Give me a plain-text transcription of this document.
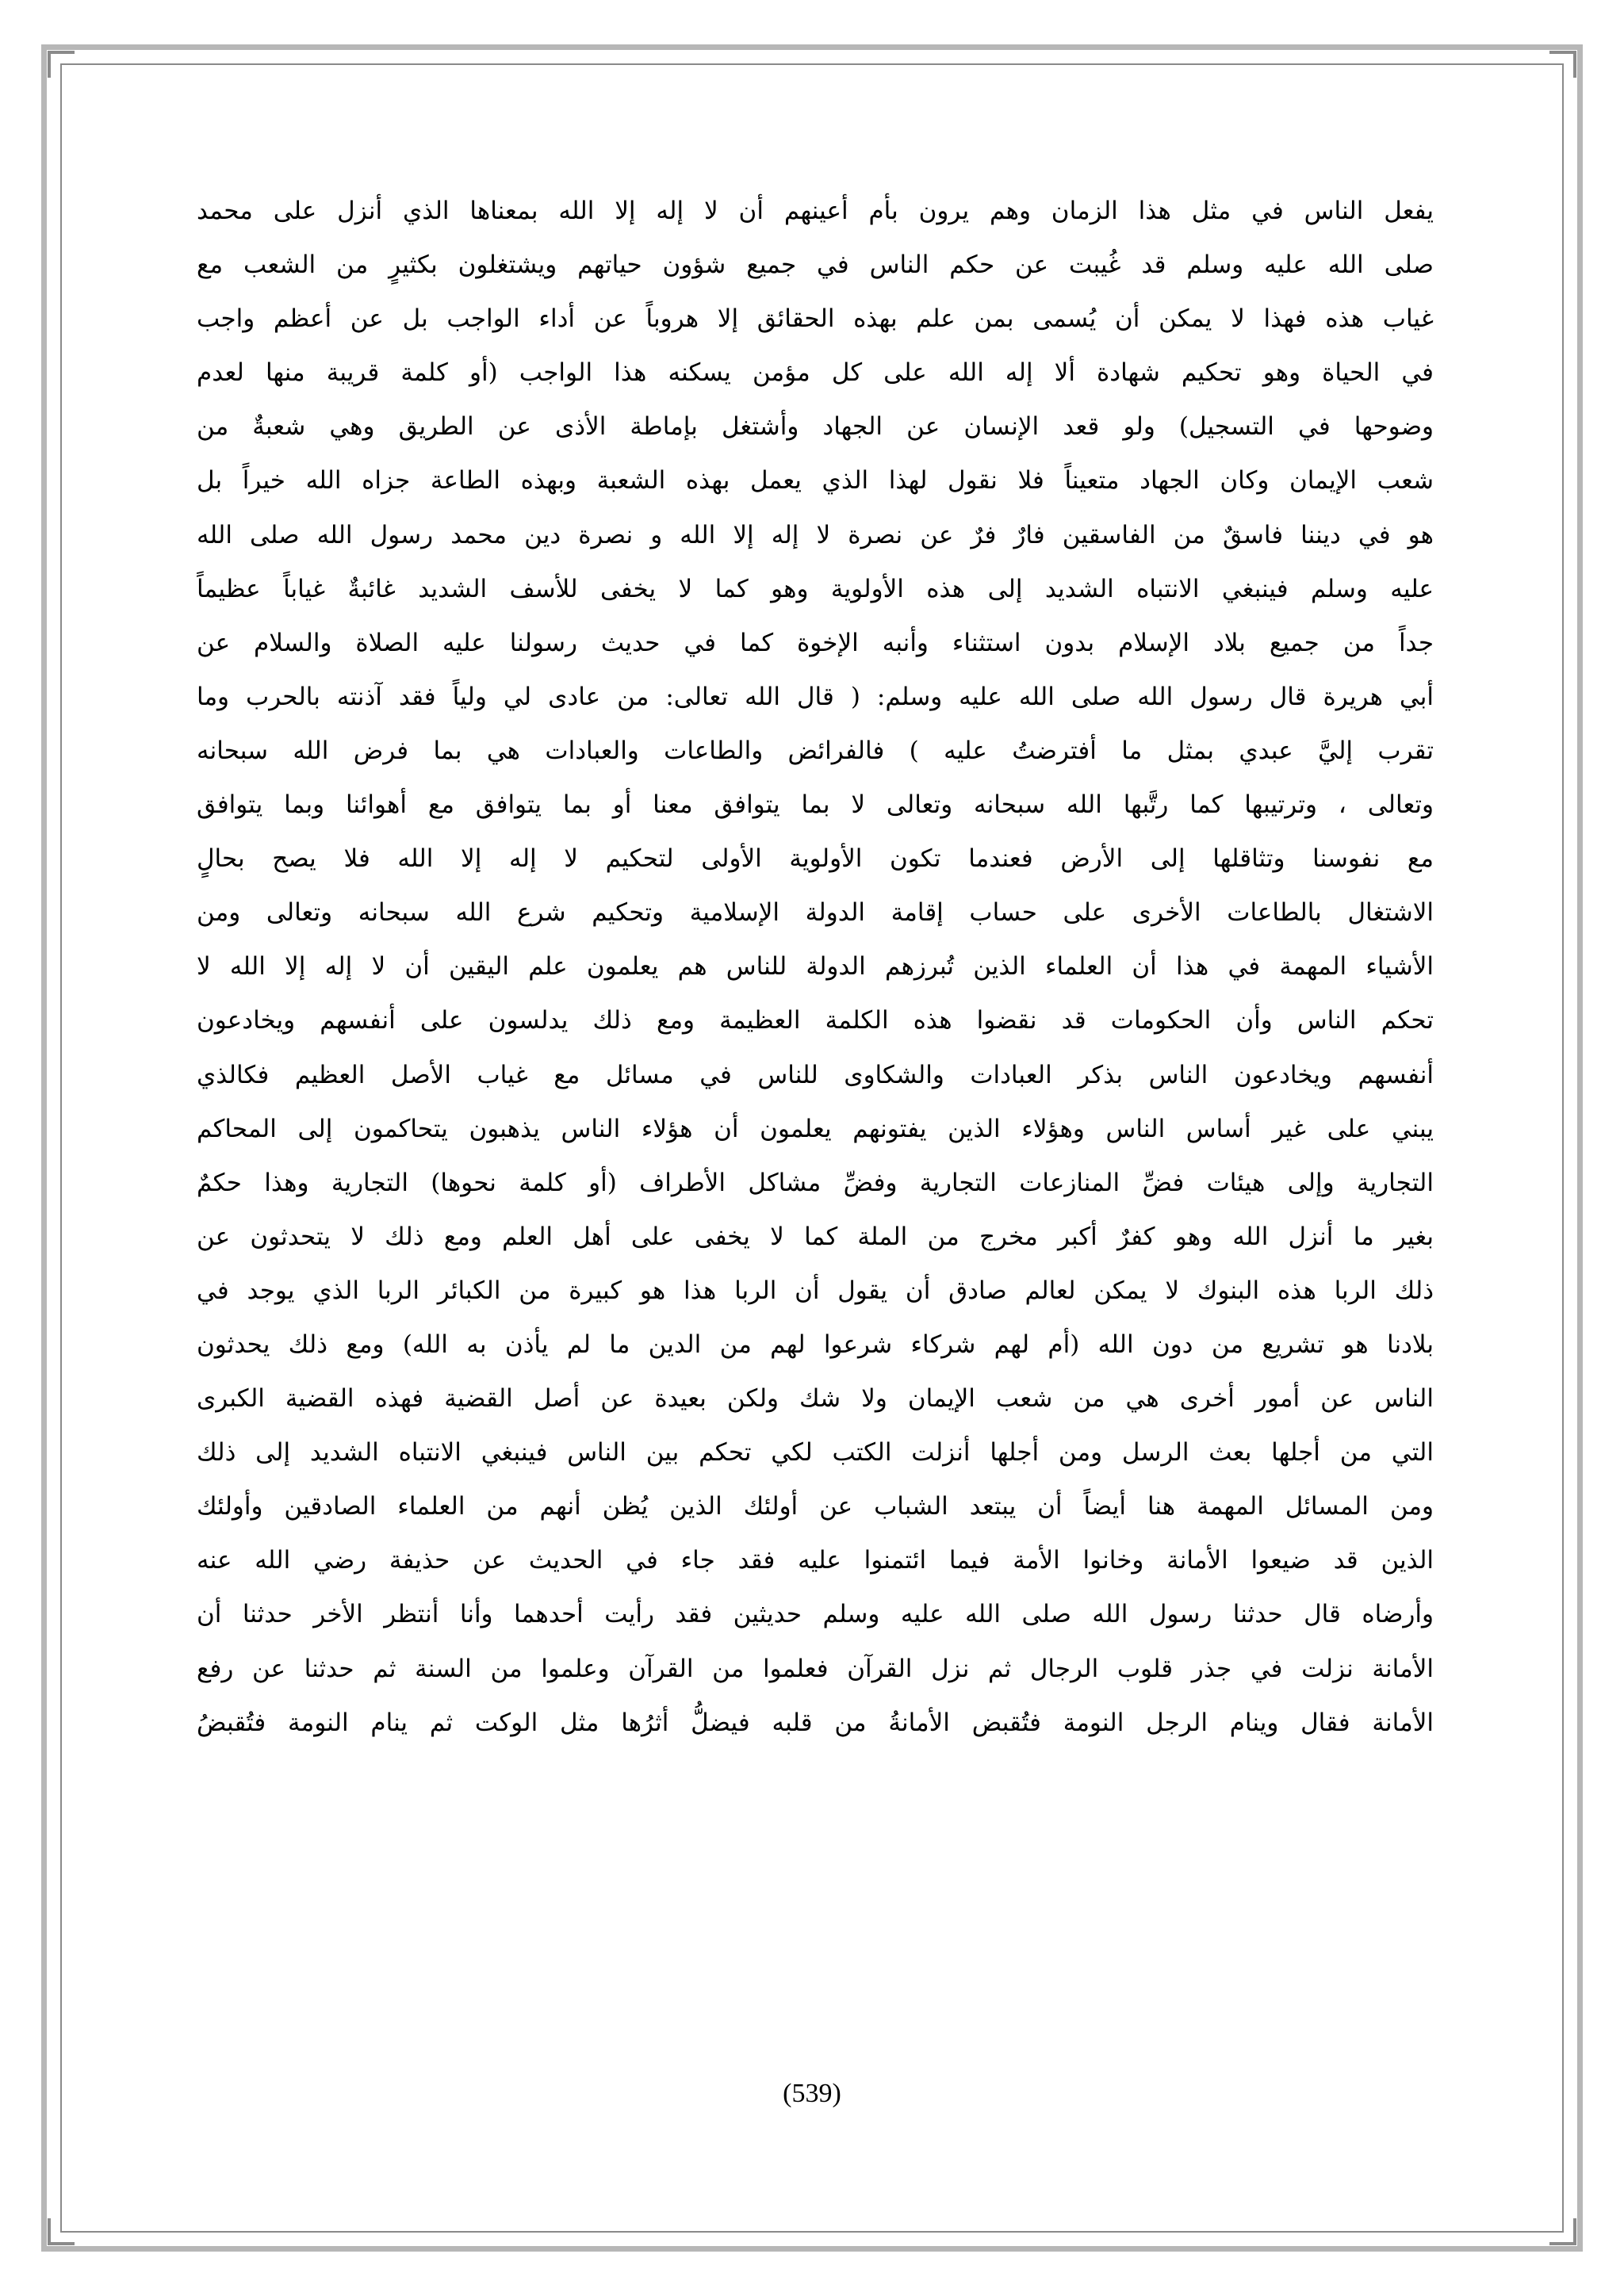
يفعل الناس في مثل هذا الزمان وهم يرون بأم أعينهم أن لا إله إلا الله بمعناها الذي أنزل على محمد
صلى الله عليه وسلم قد غُيبت عن حكم الناس في جميع شؤون حياتهم ويشتغلون بكثيرٍ من الشعب مع
غياب هذه فهذا لا يمكن أن يُسمى بمن علم بهذه الحقائق إلا هروباً عن أداء الواجب بل عن أعظم واجب
في الحياة وهو تحكيم شهادة ألا إله الله على كل مؤمن يسكنه هذا الواجب (أو كلمة قريبة منها لعدم
وضوحها في التسجيل) ولو قعد الإنسان عن الجهاد وأشتغل بإماطة الأذى عن الطريق وهي شعبةٌ من
شعب الإيمان وكان الجهاد متعيناً فلا نقول لهذا الذي يعمل بهذه الشعبة وبهذه الطاعة جزاه الله خيراً بل
هو في ديننا فاسقٌ من الفاسقين فارٌ فرٌ عن نصرة لا إله إلا الله و نصرة دين محمد رسول الله صلى الله
عليه وسلم فينبغي الانتباه الشديد إلى هذه الأولوية وهو كما لا يخفى للأسف الشديد غائبةٌ غياباً عظيماً
جداً من جميع بلاد الإسلام بدون استثناء وأنبه الإخوة كما في حديث رسولنا عليه الصلاة والسلام عن
أبي هريرة قال رسول الله صلى الله عليه وسلم: ( قال الله تعالى: من عادى لي ولياً فقد آذنته بالحرب وما
تقرب إليَّ عبدي بمثل ما أفترضتُ عليه ) فالفرائض والطاعات والعبادات هي بما فرض الله سبحانه
وتعالى ، وترتيبها كما رتَّبها الله سبحانه وتعالى لا بما يتوافق معنا أو بما يتوافق مع أهوائنا وبما يتوافق
مع نفوسنا وتثاقلها إلى الأرض فعندما تكون الأولوية الأولى لتحكيم لا إله إلا الله فلا يصح بحالٍ
الاشتغال بالطاعات الأخرى على حساب إقامة الدولة الإسلامية وتحكيم شرع الله سبحانه وتعالى ومن
الأشياء المهمة في هذا أن العلماء الذين تُبرزهم الدولة للناس هم يعلمون علم اليقين أن لا إله إلا الله لا
تحكم الناس وأن الحكومات قد نقضوا هذه الكلمة العظيمة ومع ذلك يدلسون على أنفسهم ويخادعون
أنفسهم ويخادعون الناس بذكر العبادات والشكاوى للناس في مسائل مع غياب الأصل العظيم فكالذي
يبني على غير أساس الناس وهؤلاء الذين يفتونهم يعلمون أن هؤلاء الناس يذهبون يتحاكمون إلى المحاكم
التجارية وإلى هيئات فضِّ المنازعات التجارية وفضِّ مشاكل الأطراف (أو كلمة نحوها) التجارية وهذا حكمٌ
بغير ما أنزل الله وهو كفرٌ أكبر مخرج من الملة كما لا يخفى على أهل العلم ومع ذلك لا يتحدثون عن
ذلك الربا هذه البنوك لا يمكن لعالم صادق أن يقول أن الربا هذا هو كبيرة من الكبائر الربا الذي يوجد في
بلادنا هو تشريع من دون الله (أم لهم شركاء شرعوا لهم من الدين ما لم يأذن به الله) ومع ذلك يحدثون
الناس عن أمور أخرى هي من شعب الإيمان ولا شك ولكن بعيدة عن أصل القضية فهذه القضية الكبرى
التي من أجلها بعث الرسل ومن أجلها أنزلت الكتب لكي تحكم بين الناس فينبغي الانتباه الشديد إلى ذلك
ومن المسائل المهمة هنا أيضاً أن يبتعد الشباب عن أولئك الذين يُظن أنهم من العلماء الصادقين وأولئك
الذين قد ضيعوا الأمانة وخانوا الأمة فيما ائتمنوا عليه فقد جاء في الحديث عن حذيفة رضي الله عنه
وأرضاه قال حدثنا رسول الله صلى الله عليه وسلم حديثين فقد رأيت أحدهما وأنا أنتظر الأخر حدثنا أن
الأمانة نزلت في جذر قلوب الرجال ثم نزل القرآن فعلموا من القرآن وعلموا من السنة ثم حدثنا عن رفع
الأمانة فقال وينام الرجل النومة فتُقبض الأمانةُ من قلبه فيضلُّ أثرُها مثل الوكت ثم ينام النومة فتُقبضُ
(539)
